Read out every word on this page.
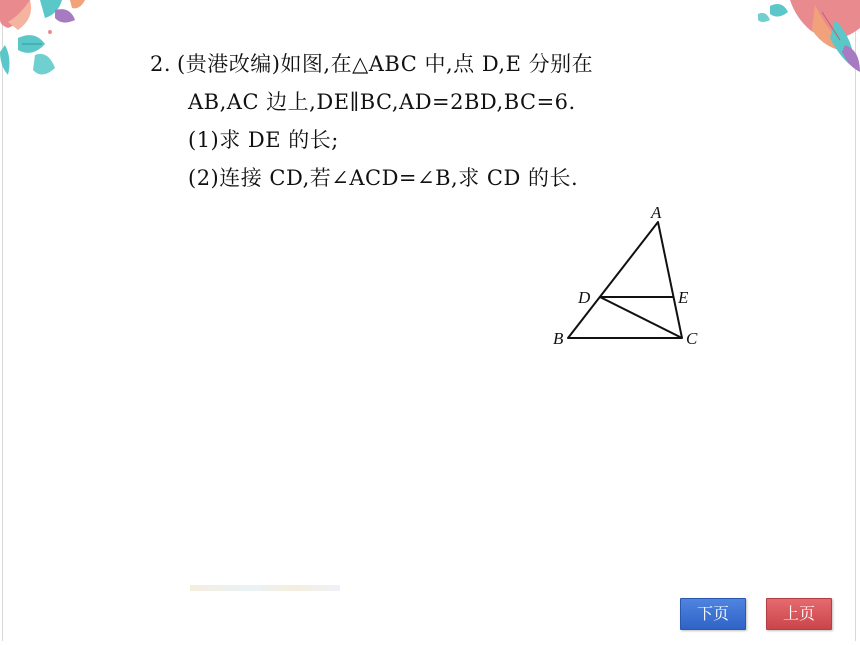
2. (贵港改编)如图,在△ABC 中,点 D,E 分别在
AB,AC 边上,DE∥BC,AD=2BD,BC=6.
(1)求 DE 的长;
(2)连接 CD,若∠ACD=∠B,求 CD 的长.
A
B	C
D	E
下页	上页
